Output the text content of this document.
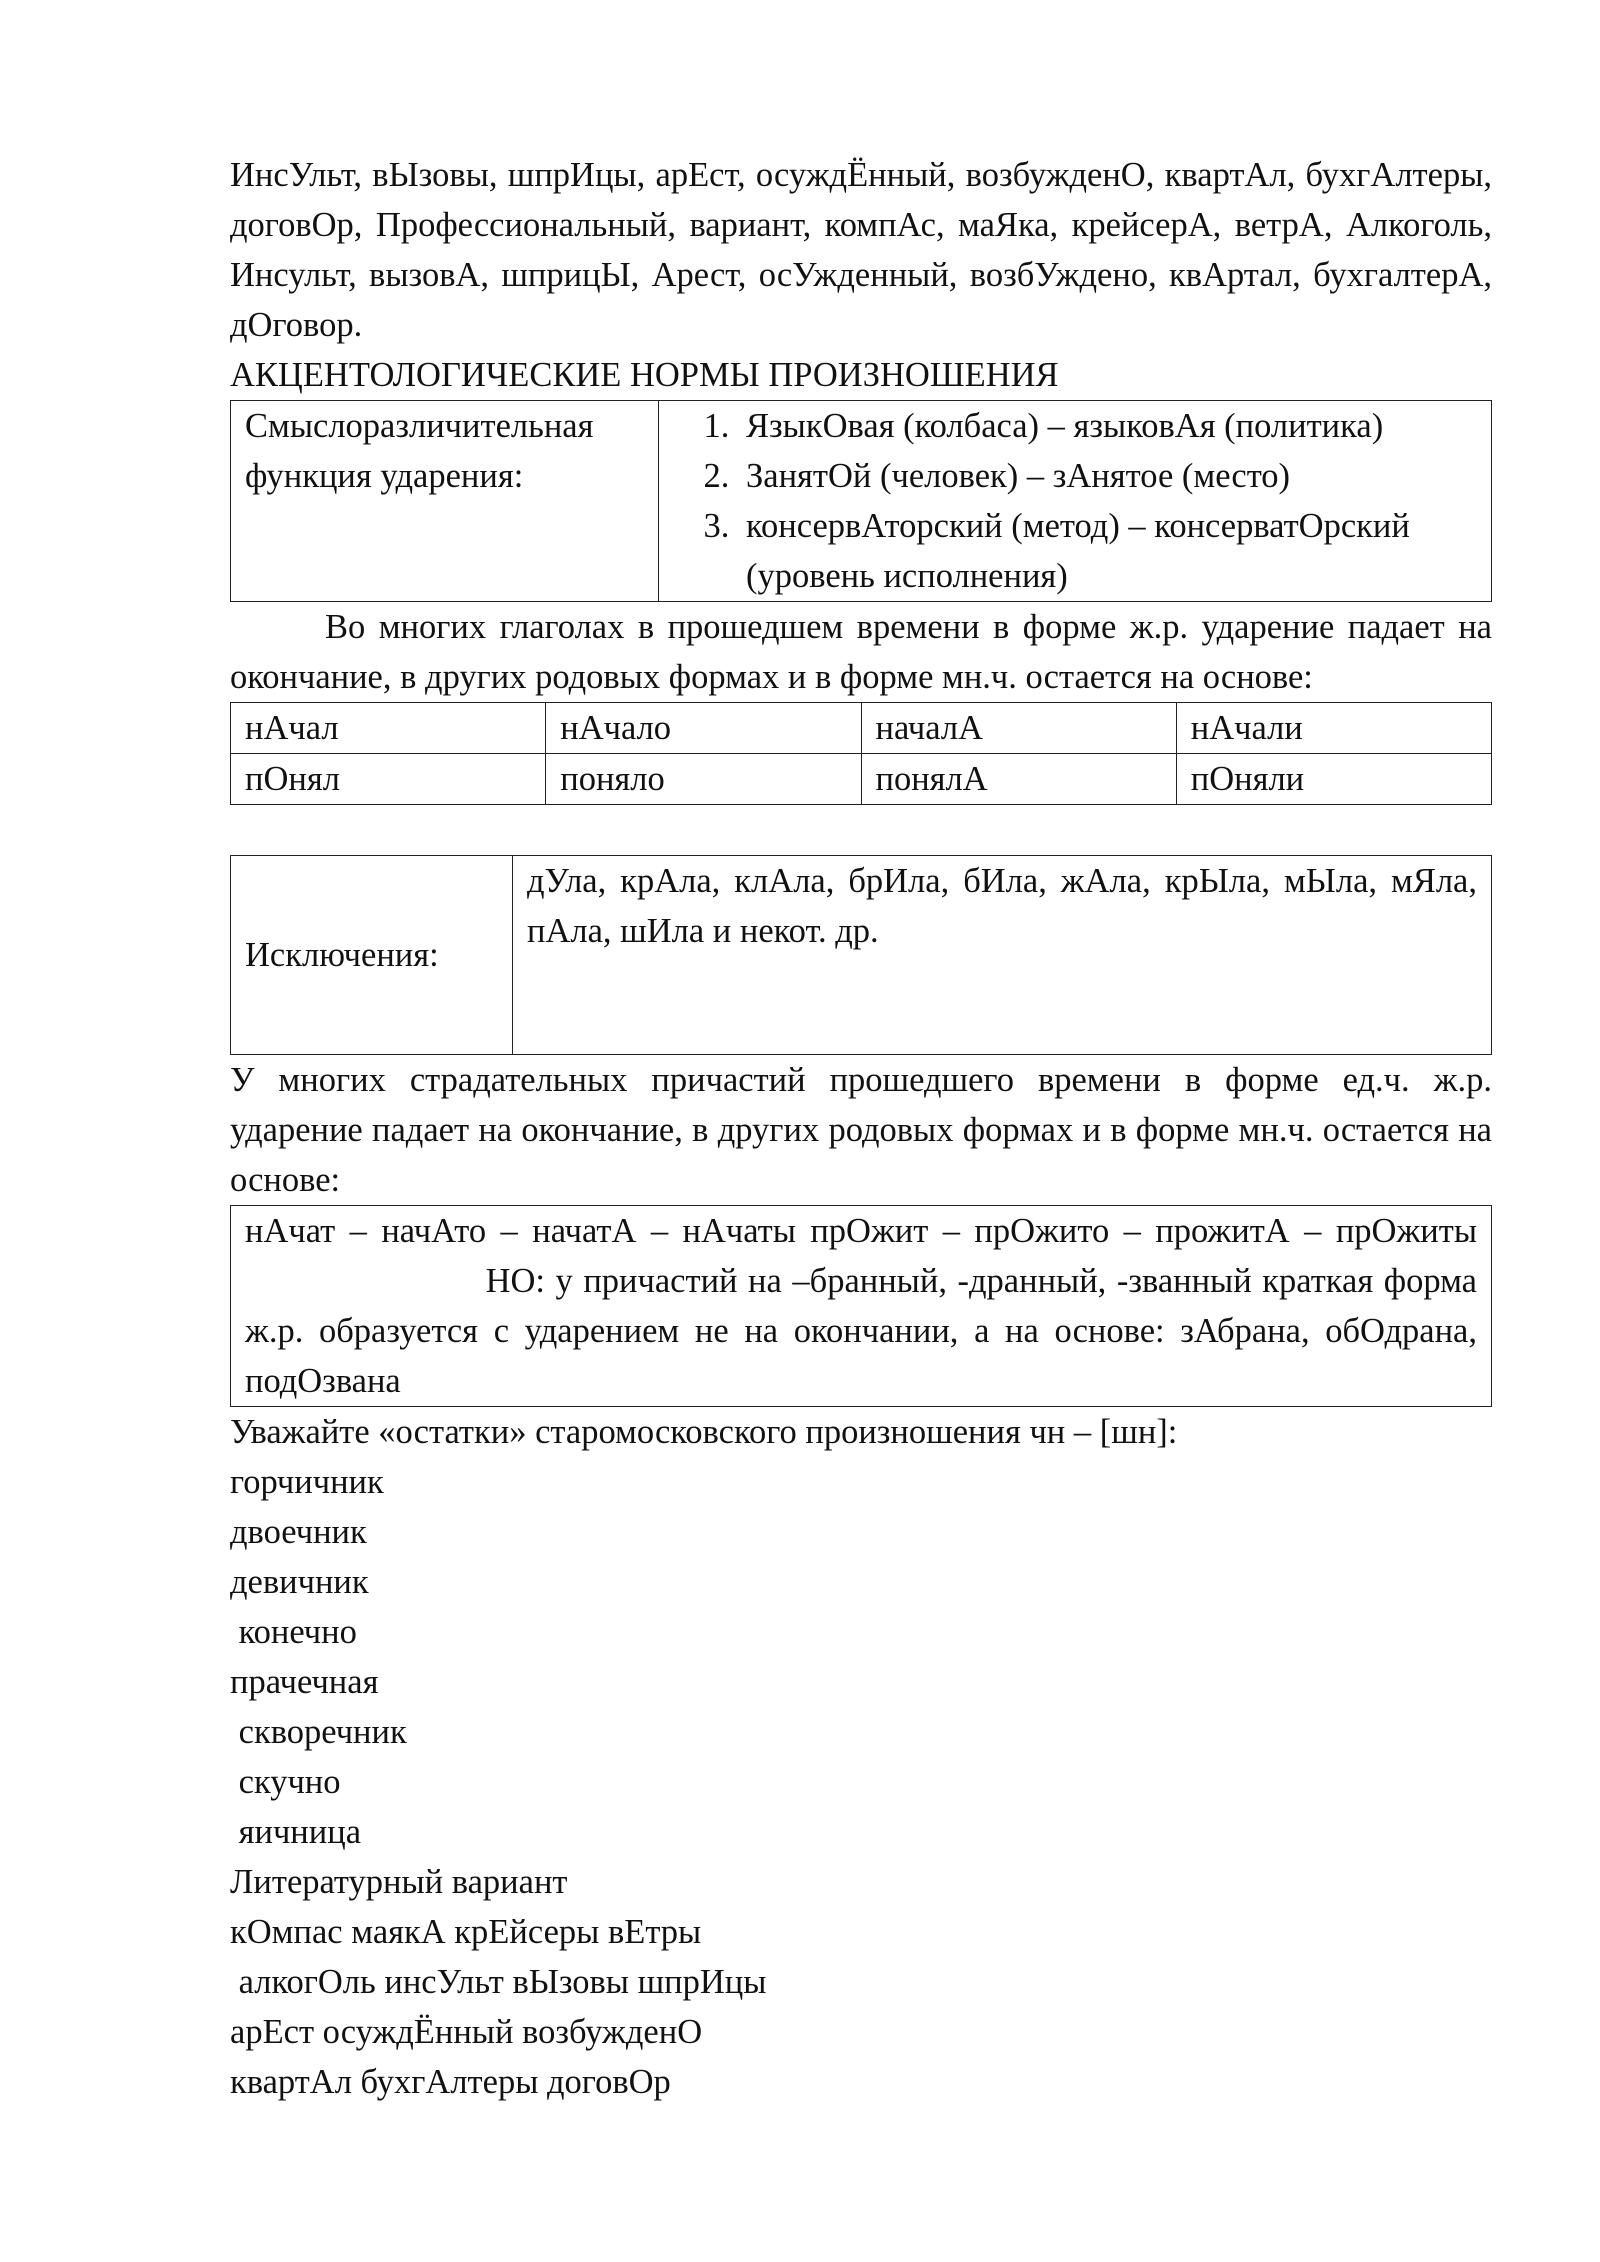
ИнсУльт, вЫзовы, шпрИцы, арЕст, осуждЁнный, возбужденО, квартАл, бухгАлтеры, договОр, Профессиональный, вариант, компАс, маЯка, крейсерА, ветрА, Алкоголь, Инсульт, вызовА, шприцЫ, Арест, осУжденный, возбУждено, квАртал, бухгалтерА, дОговор.

АКЦЕНТОЛОГИЧЕСКИЕ НОРМЫ ПРОИЗНОШЕНИЯ

Смыслоразличительная функция ударения:	
1. ЯзыкОвая (колбаса) – языковАя (политика)
2. ЗанятОй (человек) – зАнятое (место)
3. консервАторский (метод) – консерватОрский (уровень исполнения)

Во многих глаголах в прошедшем времени в форме ж.р. ударение падает на окончание, в других родовых формах и в форме мн.ч. остается на основе:

нАчал	нАчало	началА	нАчали
пОнял	поняло	понялА	пОняли
Исключения:	дУла, крАла, клАла, брИла, бИла, жАла, крЫла, мЫла, мЯла, пАла, шИла и некот. др.

У многих страдательных причастий прошедшего времени в форме ед.ч. ж.р. ударение падает на окончание, в других родовых формах и в форме мн.ч. остается на основе:

нАчат – начАто – начатА – нАчаты прОжит – прОжито – прожитА – прОжиты  НО: у причастий на –бранный, -дранный, -званный краткая форма ж.р. образуется с ударением не на окончании, а на основе: зАбрана, обОдрана, подОзвана

Уважайте «остатки» старомосковского произношения чн – [шн]:

горчичник

двоечник

девичник

конечно

прачечная

скворечник

скучно

яичница

Литературный вариант

кОмпас маякА крЕйсеры вЕтры

алкогОль инсУльт вЫзовы шпрИцы

арЕст осуждЁнный возбужденО

квартАл бухгАлтеры договОр
